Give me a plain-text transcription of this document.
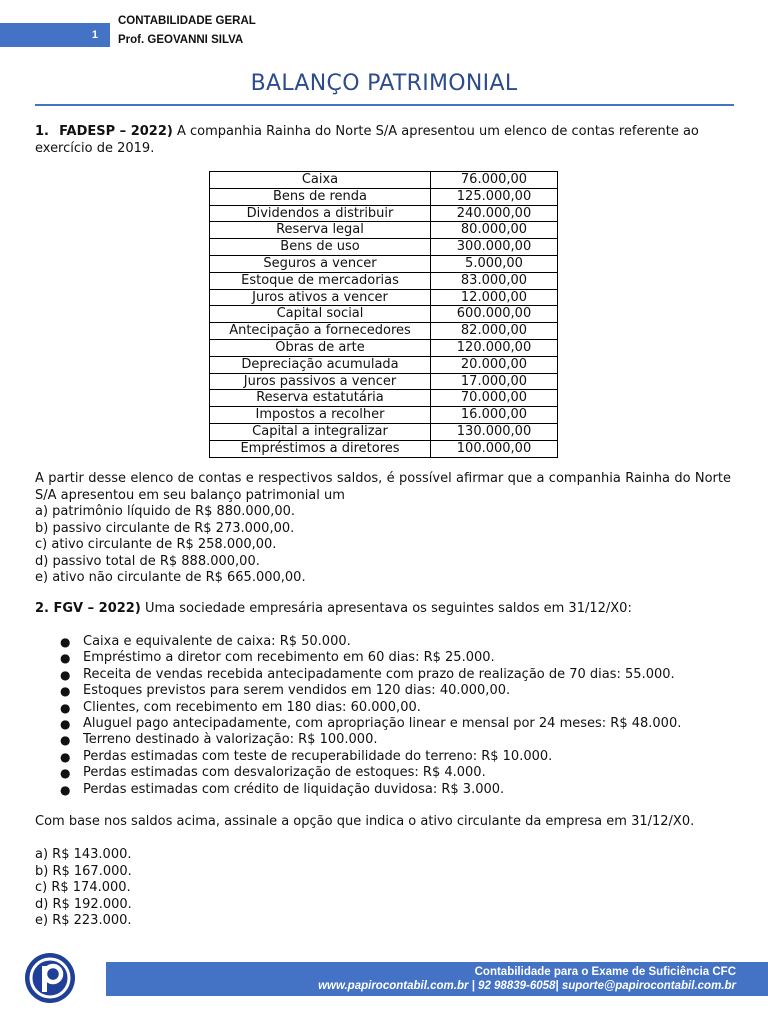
1
CONTABILIDADE GERAL
Prof. GEOVANNI SILVA
BALANÇO PATRIMONIAL
1. FADESP – 2022) A companhia Rainha do Norte S/A apresentou um elenco de contas referente ao exercício de 2019.
Caixa	76.000,00
Bens de renda	125.000,00
Dividendos a distribuir	240.000,00
Reserva legal	80.000,00
Bens de uso	300.000,00
Seguros a vencer	5.000,00
Estoque de mercadorias	83.000,00
Juros ativos a vencer	12.000,00
Capital social	600.000,00
Antecipação a fornecedores	82.000,00
Obras de arte	120.000,00
Depreciação acumulada	20.000,00
Juros passivos a vencer	17.000,00
Reserva estatutária	70.000,00
Impostos a recolher	16.000,00
Capital a integralizar	130.000,00
Empréstimos a diretores	100.000,00
A partir desse elenco de contas e respectivos saldos, é possível afirmar que a companhia Rainha do Norte S/A apresentou em seu balanço patrimonial um
a) patrimônio líquido de R$ 880.000,00.
b) passivo circulante de R$ 273.000,00.
c) ativo circulante de R$ 258.000,00.
d) passivo total de R$ 888.000,00.
e) ativo não circulante de R$ 665.000,00.
2. FGV – 2022) Uma sociedade empresária apresentava os seguintes saldos em 31/12/X0:
● Caixa e equivalente de caixa: R$ 50.000.
● Empréstimo a diretor com recebimento em 60 dias: R$ 25.000.
● Receita de vendas recebida antecipadamente com prazo de realização de 70 dias: 55.000.
● Estoques previstos para serem vendidos em 120 dias: 40.000,00.
● Clientes, com recebimento em 180 dias: 60.000,00.
● Aluguel pago antecipadamente, com apropriação linear e mensal por 24 meses: R$ 48.000.
● Terreno destinado à valorização: R$ 100.000.
● Perdas estimadas com teste de recuperabilidade do terreno: R$ 10.000.
● Perdas estimadas com desvalorização de estoques: R$ 4.000.
● Perdas estimadas com crédito de liquidação duvidosa: R$ 3.000.
Com base nos saldos acima, assinale a opção que indica o ativo circulante da empresa em 31/12/X0.
a) R$ 143.000.
b) R$ 167.000.
c) R$ 174.000.
d) R$ 192.000.
e) R$ 223.000.
Contabilidade para o Exame de Suficiência CFC
www.papirocontabil.com.br | 92 98839-6058| suporte@papirocontabil.com.br
